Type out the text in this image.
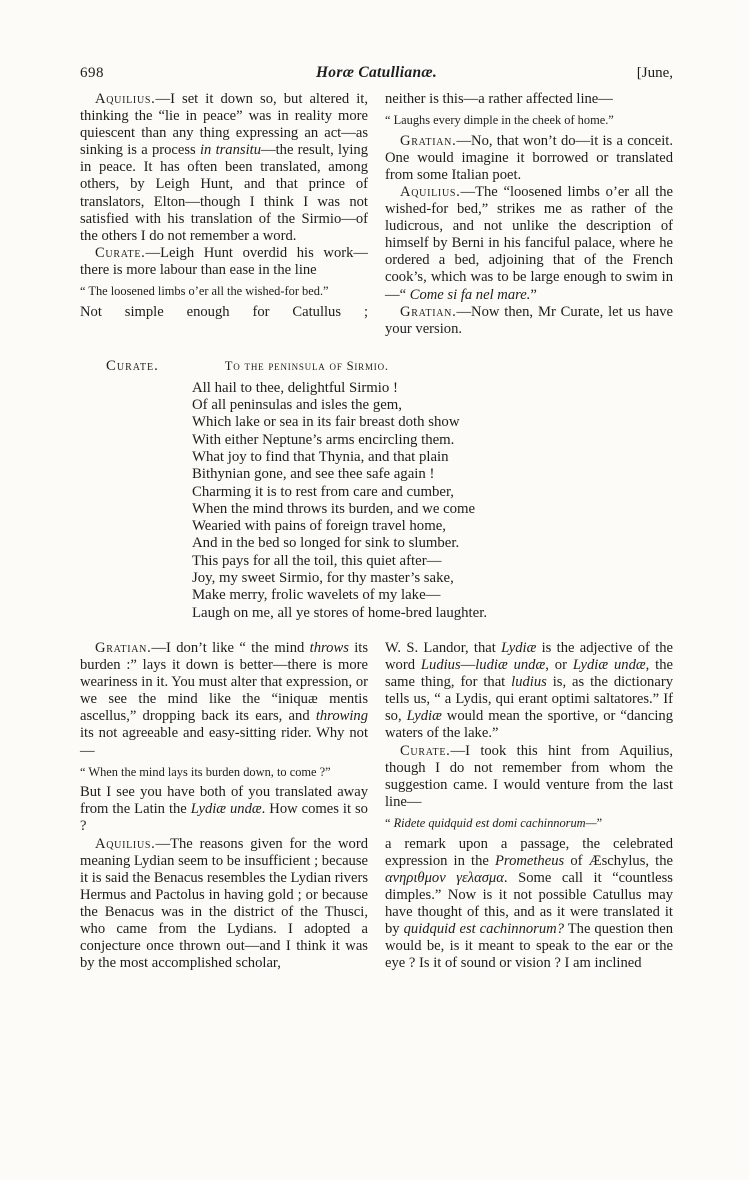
698	Horæ Catullianæ.	[June,

Aquilius.—I set it down so, but altered it, thinking the “lie in peace” was in reality more quiescent than any thing expressing an act—as sinking is a process in transitu—the result, lying in peace. It has often been translated, among others, by Leigh Hunt, and that prince of translators, Elton—though I think I was not satisfied with his translation of the Sirmio—of the others I do not remember a word.

Curate.—Leigh Hunt overdid his work—there is more labour than ease in the line

“ The loosened limbs o’er all the wished-for bed.”

Not simple enough for Catullus ;

neither is this—a rather affected line—

“ Laughs every dimple in the cheek of home.”

Gratian.—No, that won’t do—it is a conceit. One would imagine it borrowed or translated from some Italian poet.

Aquilius.—The “loosened limbs o’er all the wished-for bed,” strikes me as rather of the ludicrous, and not unlike the description of himself by Berni in his fanciful palace, where he ordered a bed, adjoining that of the French cook’s, which was to be large enough to swim in—“ Come si fa nel mare.”

Gratian.—Now then, Mr Curate, let us have your version.

Curate.	To the peninsula of Sirmio.
All hail to thee, delightful Sirmio !
Of all peninsulas and isles the gem,
Which lake or sea in its fair breast doth show
With either Neptune’s arms encircling them.
What joy to find that Thynia, and that plain
Bithynian gone, and see thee safe again !
Charming it is to rest from care and cumber,
When the mind throws its burden, and we come
Wearied with pains of foreign travel home,
And in the bed so longed for sink to slumber.
This pays for all the toil, this quiet after—
Joy, my sweet Sirmio, for thy master’s sake,
Make merry, frolic wavelets of my lake—
Laugh on me, all ye stores of home-bred laughter.

Gratian.—I don’t like “ the mind throws its burden :” lays it down is better—there is more weariness in it. You must alter that expression, or we see the mind like the “iniquæ mentis ascellus,” dropping back its ears, and throwing its not agreeable and easy-sitting rider. Why not—

“ When the mind lays its burden down, to come ?”

But I see you have both of you translated away from the Latin the Lydiæ undæ. How comes it so ?

Aquilius.—The reasons given for the word meaning Lydian seem to be insufficient ; because it is said the Benacus resembles the Lydian rivers Hermus and Pactolus in having gold ; or because the Benacus was in the district of the Thusci, who came from the Lydians. I adopted a conjecture once thrown out—and I think it was by the most accomplished scholar,

W. S. Landor, that Lydiæ is the adjective of the word Ludius—ludiæ undæ, or Lydiæ undæ, the same thing, for that ludius is, as the dictionary tells us, “ a Lydis, qui erant optimi saltatores.” If so, Lydiæ would mean the sportive, or “dancing waters of the lake.”

Curate.—I took this hint from Aquilius, though I do not remember from whom the suggestion came. I would venture from the last line—

“ Ridete quidquid est domi cachinnorum—”

a remark upon a passage, the celebrated expression in the Prometheus of Æschylus, the ανηριθμον γελασμα. Some call it “countless dimples.” Now is it not possible Catullus may have thought of this, and as it were translated it by quidquid est cachinnorum? The question then would be, is it meant to speak to the ear or the eye ? Is it of sound or vision ? I am inclined
